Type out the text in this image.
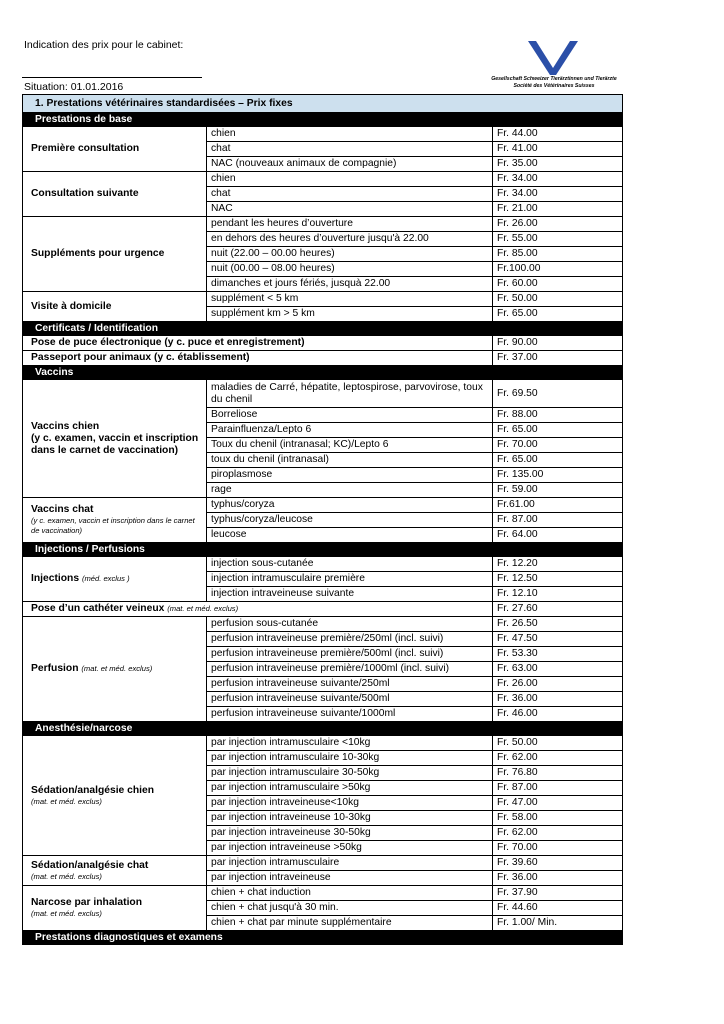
Indication des prix pour le cabinet:
Situation: 01.01.2016
Gesellschaft Schweizer Tierärztinnen und Tierärzte
Société des Vétérinaires Suisses
1. Prestations vétérinaires standardisées – Prix fixes		
Prestations de base		
Première consultation	chien	Fr. 44.00
	chat	Fr. 41.00
	NAC (nouveaux animaux de compagnie)	Fr. 35.00
Consultation suivante	chien	Fr. 34.00
	chat	Fr. 34.00
	NAC	Fr. 21.00
Suppléments pour urgence	pendant les heures d’ouverture	Fr. 26.00
	en dehors des heures d’ouverture jusqu'à 22.00	Fr. 55.00
	nuit (22.00 – 00.00 heures)	Fr. 85.00
	nuit (00.00 – 08.00 heures)	Fr.100.00
	dimanches et jours fériés, jusquà 22.00	Fr. 60.00
Visite à domicile	supplément < 5 km	Fr. 50.00
	supplément km > 5 km	Fr. 65.00
Certificats / Identification		
Pose de puce électronique (y c. puce et enregistrement)		Fr. 90.00
Passeport pour animaux (y c. établissement)		Fr. 37.00
Vaccins		
Vaccins chien
(y c. examen, vaccin et inscription dans le carnet de vaccination)	maladies de Carré, hépatite, leptospirose, parvovirose, toux du chenil	Fr. 69.50
	Borreliose	Fr. 88.00
	Parainfluenza/Lepto 6	Fr. 65.00
	Toux du chenil (intranasal; KC)/Lepto 6	Fr. 70.00
	toux du chenil (intranasal)	Fr. 65.00
	piroplasmose	Fr. 135.00
	rage	Fr. 59.00
Vaccins chat
(y c. examen, vaccin et inscription dans le carnet de vaccination)	typhus/coryza	Fr.61.00
	typhus/coryza/leucose	Fr. 87.00
	leucose	Fr. 64.00
Injections / Perfusions		
Injections (méd. exclus )	injection sous-cutanée	Fr. 12.20
	injection intramusculaire première	Fr. 12.50
	injection intraveineuse suivante	Fr. 12.10
Pose d’un cathéter veineux (mat. et méd. exclus)		Fr. 27.60
Perfusion (mat. et méd. exclus)	perfusion sous-cutanée	Fr. 26.50
	perfusion intraveineuse première/250ml (incl. suivi)	Fr. 47.50
	perfusion intraveineuse première/500ml (incl. suivi)	Fr. 53.30
	perfusion intraveineuse première/1000ml (incl. suivi)	Fr. 63.00
	perfusion intraveineuse suivante/250ml	Fr. 26.00
	perfusion intraveineuse suivante/500ml	Fr. 36.00
	perfusion intraveineuse suivante/1000ml	Fr. 46.00
Anesthésie/narcose		
Sédation/analgésie chien
(mat. et méd. exclus)	par injection intramusculaire <10kg	Fr. 50.00
	par injection intramusculaire 10-30kg	Fr. 62.00
	par injection intramusculaire 30-50kg	Fr. 76.80
	par injection intramusculaire >50kg	Fr. 87.00
	par injection intraveineuse<10kg	Fr. 47.00
	par injection intraveineuse 10-30kg	Fr. 58.00
	par injection intraveineuse 30-50kg	Fr. 62.00
	par injection intraveineuse >50kg	Fr. 70.00
Sédation/analgésie chat
(mat. et méd. exclus)	par injection intramusculaire	Fr. 39.60
	par injection intraveineuse	Fr. 36.00
Narcose par inhalation
(mat. et méd. exclus)	chien + chat induction	Fr. 37.90
	chien + chat jusqu'à 30 min.	Fr. 44.60
	chien + chat par minute supplémentaire	Fr. 1.00/ Min.
Prestations diagnostiques et examens		
